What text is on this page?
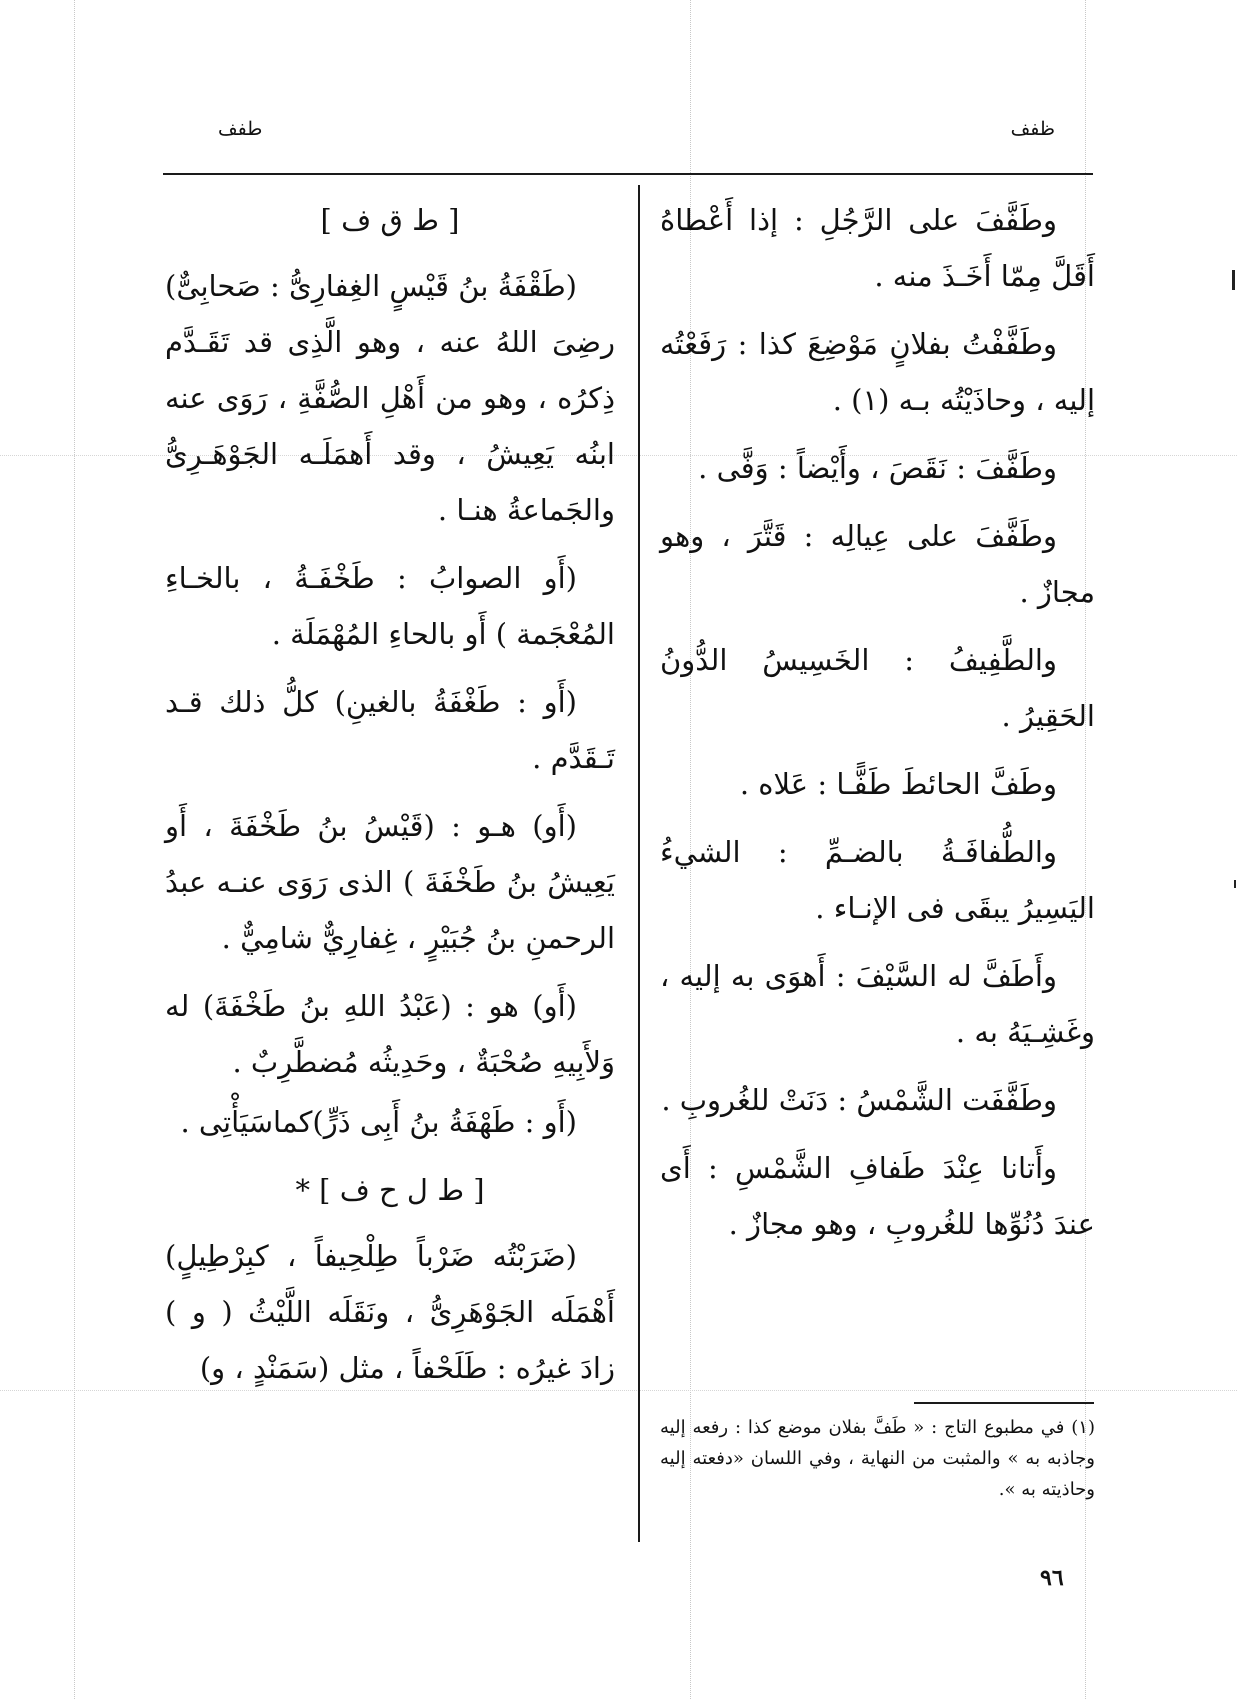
ظفف
طفف

وطَفَّفَ على الرَّجُلِ : إذا أَعْطاهُ أَقَلَّ مِمّا أَخَـذَ منه .

وطَفَّفْتُ بفلانٍ مَوْضِعَ كذا : رَفَعْتُه إليه ، وحاذَيْتُه بـه (١) .

وطَفَّفَ : نَقَصَ ، وأَيْضاً : وَفَّى .

وطَفَّفَ على عِيالِه : قَتَّرَ ، وهو مجازٌ .

والطَّفِيفُ : الخَسِيسُ الدُّونُ الحَقِيرُ .

وطَفَّ الحائطَ طَفًّـا : عَلاه .

والطُّفافَـةُ بالضـمِّ : الشيءُ اليَسِيرُ يبقَى فى الإنـاء .

وأَطَفَّ له السَّيْفَ : أَهوَى به إليه ، وغَشِـيَهُ به .

وطَفَّفَت الشَّمْسُ : دَنَتْ للغُروبِ .

وأَتانا عِنْدَ طَفافِ الشَّمْسِ : أَى عندَ دُنُوِّها للغُروبِ ، وهو مجازٌ .

(١) في مطبوع التاج : « طَفَّ بفلان موضع كذا : رفعه إليه وجاذبه به » والمثبت من النهاية ، وفي اللسان «دفعته إليه وحاذيته به ».

[ ط ق ف ]

(طَقْفَةُ بنُ قَيْسٍ الغِفارِىُّ : صَحابِىٌّ) رضِىَ اللهُ عنه ، وهو الَّذِى قد تَقَـدَّم ذِكرُه ، وهو من أَهْلِ الصُّفَّةِ ، رَوَى عنه ابنُه يَعِيشُ ، وقد أَهمَلَـه الجَوْهَـرِىُّ والجَماعةُ هنـا .

(أَو الصوابُ : طَخْفَـةُ ، بالخـاءِ المُعْجَمة ) أَو بالحاءِ المُهْمَلَة .

(أَو : طَغْفَةُ بالغينِ) كلُّ ذلك قـد تَـقَدَّم .

(أَو) هـو : (قَيْسُ بنُ طَخْفَةَ ، أَو يَعِيشُ بنُ طَخْفَةَ ) الذى رَوَى عنـه عبدُ الرحمنِ بنُ جُبَيْرٍ ، غِفارِيٌّ شامِيٌّ .

(أَو) هو : (عَبْدُ اللهِ بنُ طَخْفَةَ) له وَلأَبِيهِ صُحْبَةٌ ، وحَدِيثُه مُضطَّرِبٌ .

(أَو : طَهْفَةُ بنُ أَبِى ذَرٍّ)كماسَيَأْتِى .

[ ط ل ح ف ] *

(ضَرَبْتُه ضَرْباً طِلْحِيفاً ، كبِرْطِيلٍ) أَهْمَلَه الجَوْهَرِىُّ ، ونَقَلَه اللَّيْثُ ( و ) زادَ غيرُه : طَلَحْفاً ، مثل (سَمَنْدٍ ، و)

٩٦
